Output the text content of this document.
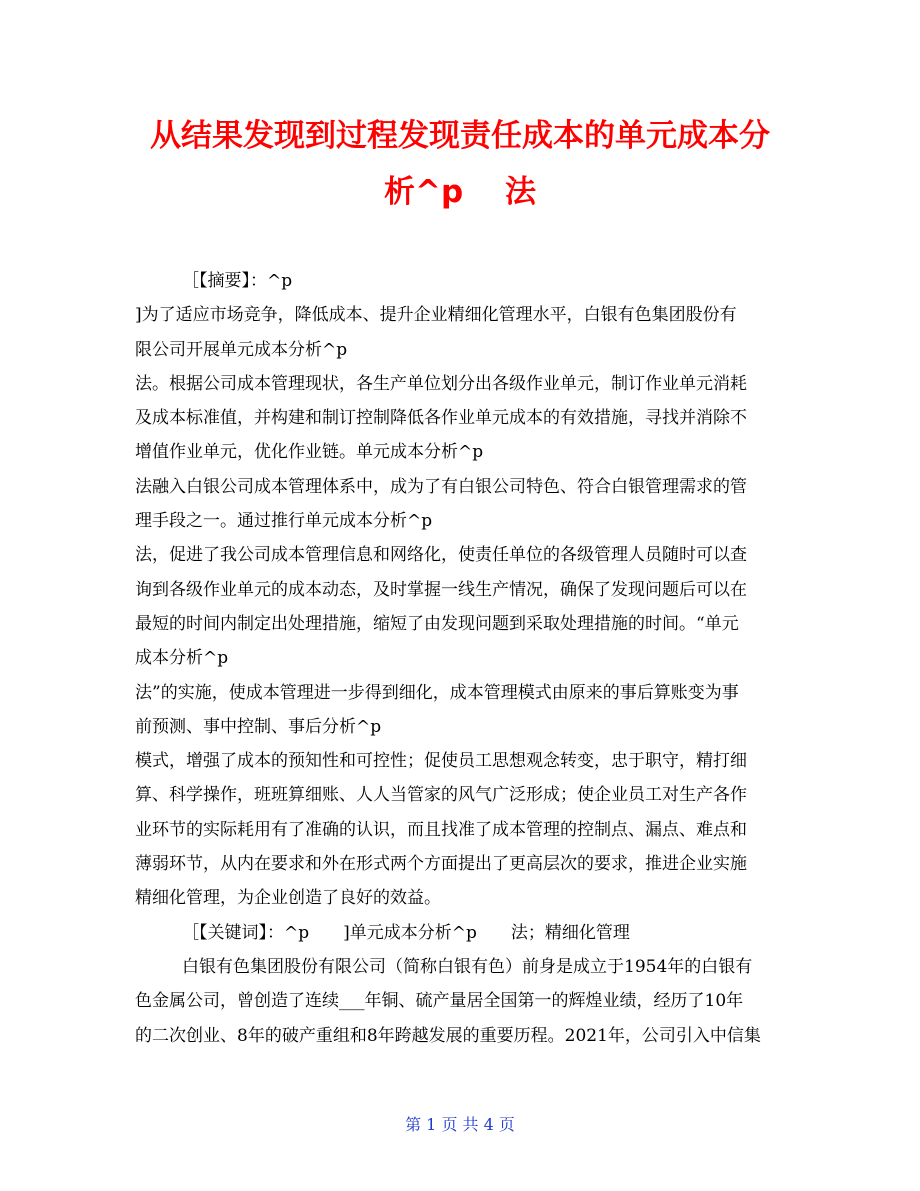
从结果发现到过程发现责任成本的单元成本分
析^p　 法
［【摘要】：^p
]为了适应市场竞争，降低成本、提升企业精细化管理水平，白银有色集团股份有
限公司开展单元成本分析^p
法。根据公司成本管理现状，各生产单位划分出各级作业单元，制订作业单元消耗
及成本标准值，并构建和制订控制降低各作业单元成本的有效措施，寻找并消除不
增值作业单元，优化作业链。单元成本分析^p
法融入白银公司成本管理体系中，成为了有白银公司特色、符合白银管理需求的管
理手段之一。通过推行单元成本分析^p
法，促进了我公司成本管理信息和网络化，使责任单位的各级管理人员随时可以查
询到各级作业单元的成本动态，及时掌握一线生产情况，确保了发现问题后可以在
最短的时间内制定出处理措施，缩短了由发现问题到采取处理措施的时间。“单元
成本分析^p
法”的实施，使成本管理进一步得到细化，成本管理模式由原来的事后算账变为事
前预测、事中控制、事后分析^p
模式，增强了成本的预知性和可控性；促使员工思想观念转变，忠于职守，精打细
算、科学操作，班班算细账、人人当管家的风气广泛形成；使企业员工对生产各作
业环节的实际耗用有了准确的认识，而且找准了成本管理的控制点、漏点、难点和
薄弱环节，从内在要求和外在形式两个方面提出了更高层次的要求，推进企业实施
精细化管理，为企业创造了良好的效益。
［【关键词】：^p　　]单元成本分析^p　　法；精细化管理
白银有色集团股份有限公司（简称白银有色）前身是成立于1954年的白银有
色金属公司，曾创造了连续___年铜、硫产量居全国第一的辉煌业绩，经历了10年
的二次创业、8年的破产重组和8年跨越发展的重要历程。2021年，公司引入中信集
第 1 页 共 4 页
